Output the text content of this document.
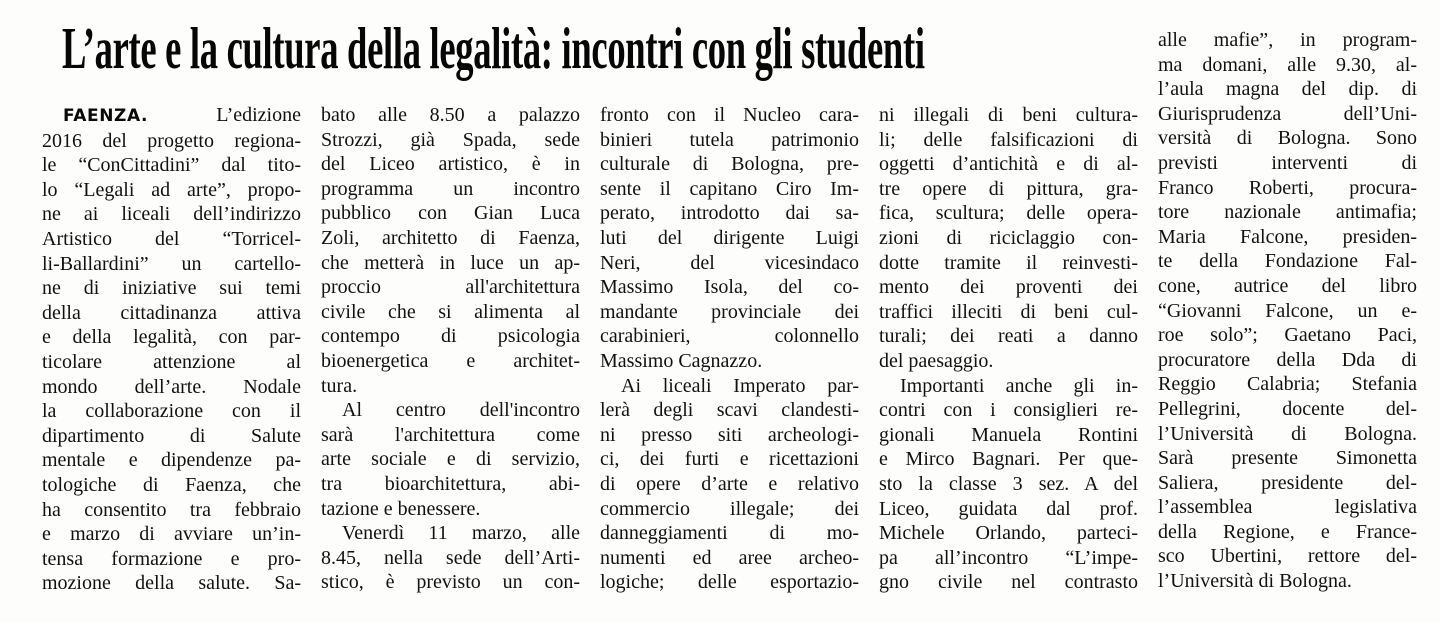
L’arte e la cultura della legalità: incontri con gli studenti
FAENZA. L’edizione
2016 del progetto regiona-
le “ConCittadini” dal tito-
lo “Legali ad arte”, propo-
ne ai liceali dell’indirizzo
Artistico del “Torricel-
li-Ballardini” un cartello-
ne di iniziative sui temi
della cittadinanza attiva
e della legalità, con par-
ticolare attenzione al
mondo dell’arte. Nodale
la collaborazione con il
dipartimento di Salute
mentale e dipendenze pa-
tologiche di Faenza, che
ha consentito tra febbraio
e marzo di avviare un’in-
tensa formazione e pro-
mozione della salute. Sa-
bato alle 8.50 a palazzo
Strozzi, già Spada, sede
del Liceo artistico, è in
programma un incontro
pubblico con Gian Luca
Zoli, architetto di Faenza,
che metterà in luce un ap-
proccio all'architettura
civile che si alimenta al
contempo di psicologia
bioenergetica e architet-
tura.
Al centro dell'incontro
sarà l'architettura come
arte sociale e di servizio,
tra bioarchitettura, abi-
tazione e benessere.
Venerdì 11 marzo, alle
8.45, nella sede dell’Arti-
stico, è previsto un con-
fronto con il Nucleo cara-
binieri tutela patrimonio
culturale di Bologna, pre-
sente il capitano Ciro Im-
perato, introdotto dai sa-
luti del dirigente Luigi
Neri, del vicesindaco
Massimo Isola, del co-
mandante provinciale dei
carabinieri, colonnello
Massimo Cagnazzo.
Ai liceali Imperato par-
lerà degli scavi clandesti-
ni presso siti archeologi-
ci, dei furti e ricettazioni
di opere d’arte e relativo
commercio illegale; dei
danneggiamenti di mo-
numenti ed aree archeo-
logiche; delle esportazio-
ni illegali di beni cultura-
li; delle falsificazioni di
oggetti d’antichità e di al-
tre opere di pittura, gra-
fica, scultura; delle opera-
zioni di riciclaggio con-
dotte tramite il reinvesti-
mento dei proventi dei
traffici illeciti di beni cul-
turali; dei reati a danno
del paesaggio.
Importanti anche gli in-
contri con i consiglieri re-
gionali Manuela Rontini
e Mirco Bagnari. Per que-
sto la classe 3 sez. A del
Liceo, guidata dal prof.
Michele Orlando, parteci-
pa all’incontro “L’impe-
gno civile nel contrasto
alle mafie”, in program-
ma domani, alle 9.30, al-
l’aula magna del dip. di
Giurisprudenza dell’Uni-
versità di Bologna. Sono
previsti interventi di
Franco Roberti, procura-
tore nazionale antimafia;
Maria Falcone, presiden-
te della Fondazione Fal-
cone, autrice del libro
“Giovanni Falcone, un e-
roe solo”; Gaetano Paci,
procuratore della Dda di
Reggio Calabria; Stefania
Pellegrini, docente del-
l’Università di Bologna.
Sarà presente Simonetta
Saliera, presidente del-
l’assemblea legislativa
della Regione, e France-
sco Ubertini, rettore del-
l’Università di Bologna.
